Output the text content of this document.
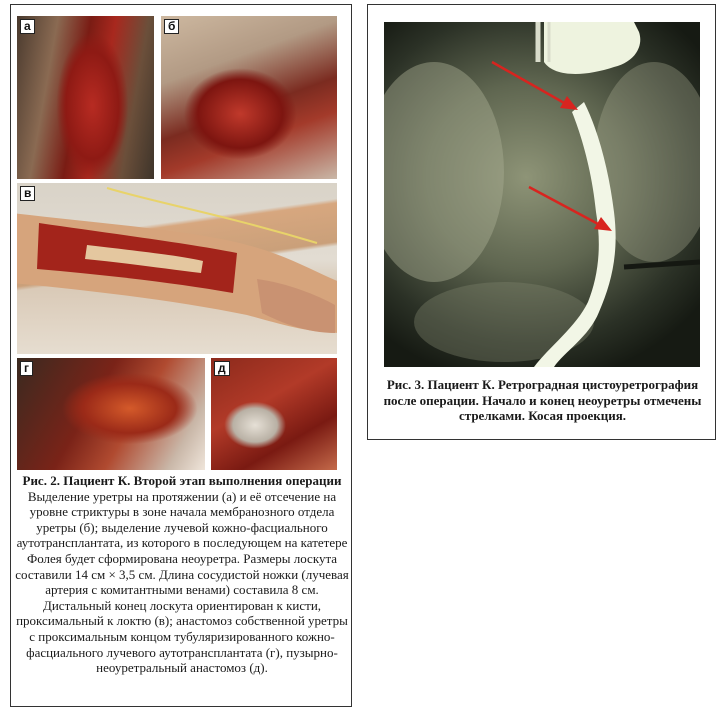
а	б
в
г	д
Рис. 2. Пациент К. Второй этап выполнения операции
Выделение уретры на протяжении (а) и её отсечение на уровне стриктуры в зоне начала мембранозного отдела уретры (б); выделение лучевой кожно-фасциального аутотрансплантата, из которого в последующем на катетере Фолея будет сформирована неоуретра. Размеры лоскута составили 14 см × 3,5 см. Длина сосудистой ножки (лучевая артерия с комитантными венами) составила 8 см. Дистальный конец лоскута ориентирован к кисти, проксимальный к локтю (в); анастомоз собственной уретры с проксимальным концом тубуляризированного кожно-фасциального лучевого аутотрансплантата (г), пузырно-неоуретральный анастомоз (д).
Рис. 3. Пациент К. Ретроградная цистоуретрография после операции. Начало и конец неоуретры отмечены стрелками. Косая проекция.
